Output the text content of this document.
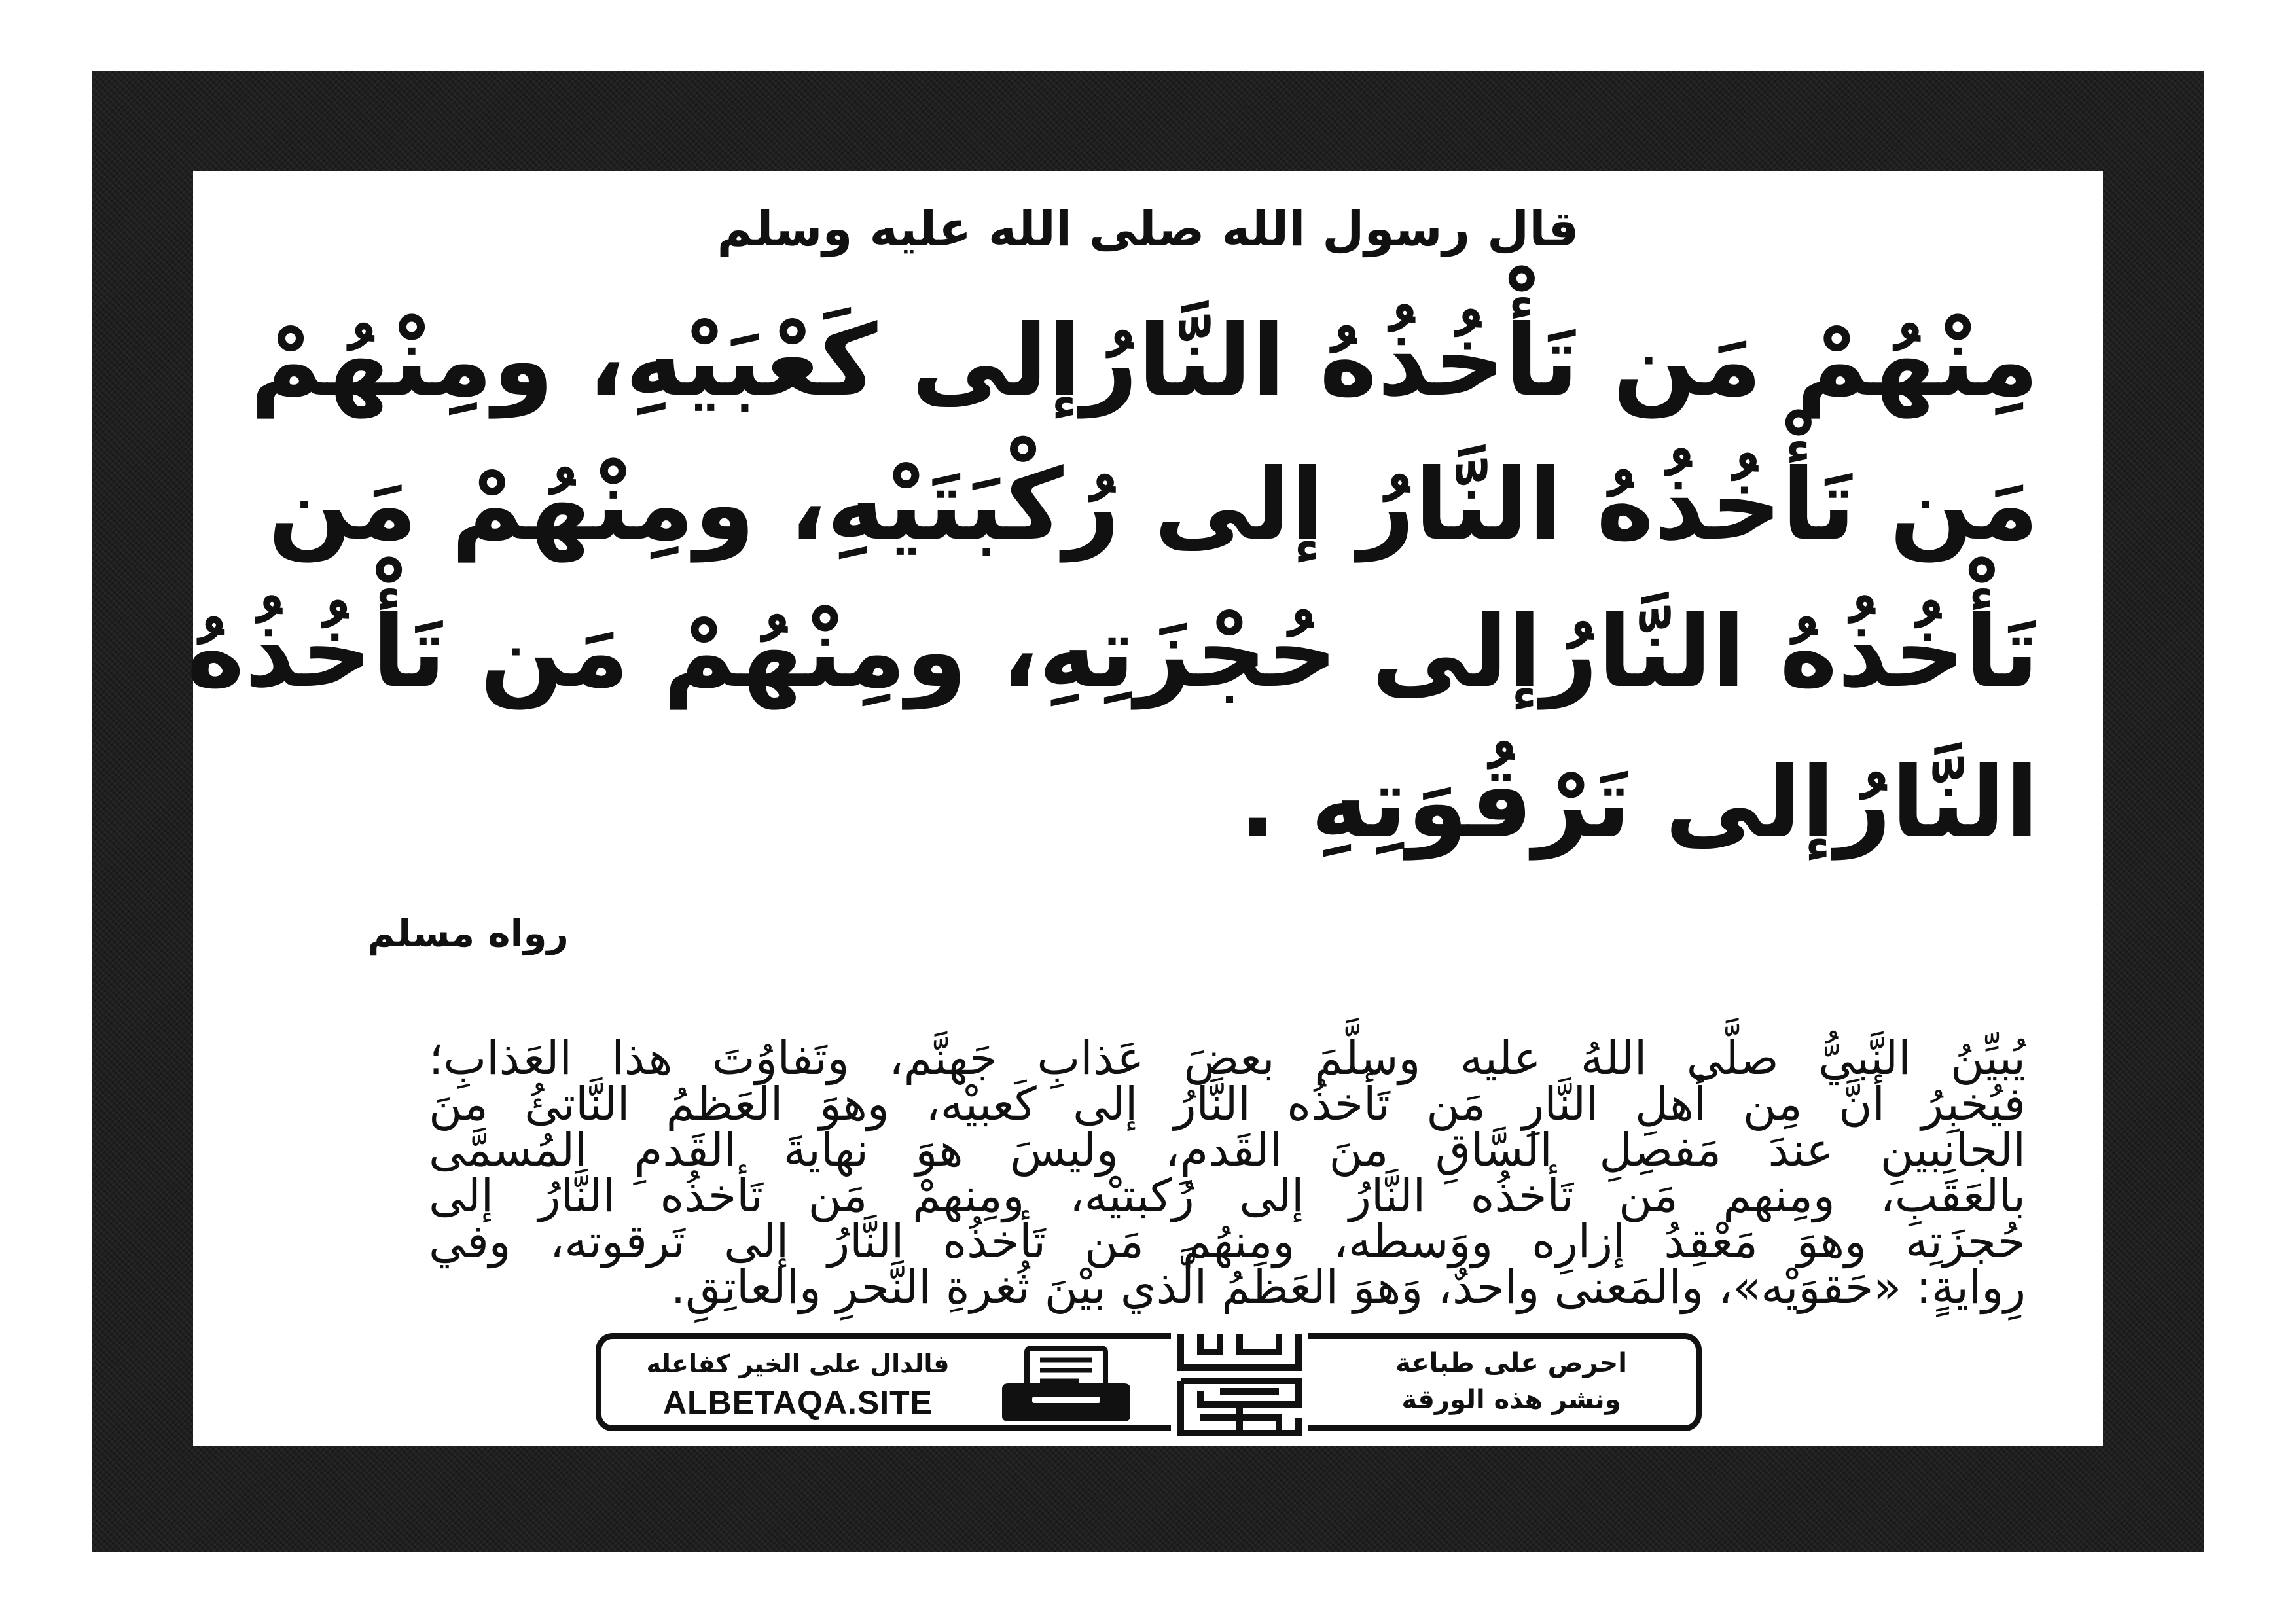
قال رسول الله صلى الله عليه وسلم
مِنْهُمْ مَن تَأْخُذُهُ النَّارُإلى كَعْبَيْهِ، ومِنْهُمْ
مَن تَأْخُذُهُ النَّارُ إلى رُكْبَتَيْهِ، ومِنْهُمْ مَن
تَأْخُذُهُ النَّارُإلى حُجْزَتِهِ، ومِنْهُمْ مَن تَأْخُذُهُ
النَّارُإلى تَرْقُوَتِهِ .
رواه مسلم
يُبيِّنُ النَّبيُّ صلَّى اللهُ عليه وسلَّمَ بعضَ عَذابِ جَهنَّم، وتَفاوُتَ هذا العَذابِ؛
فيُخبِرُ أنَّ مِن أهلِ النَّارِ مَن تَأخذُه النَّارُ إلى كَعبيْه، وهوَ العَظمُ النَّاتئُ منَ
الجانِبينِ عندَ مَفصِلِ السَّاقِ منَ القَدمِ، وليسَ هوَ نهايةَ القَدمِ المُسمَّى
بالعَقَبِ، ومِنهم مَن تَأخذُه النَّارُ إلى رُكبتيْه، ومِنهمْ مَن تَأخذُه النَّارُ إلى
حُجزَتِه وهوَ مَعْقِدُ إزارِه ووَسطه، ومِنهُم مَن تَأخذُه النَّارُ إلى تَرقوته، وفي
رِوايةٍ: «حَقوَيْه»، والمَعنى واحدٌ، وَهوَ العَظمُ الَّذي بيْنَ ثُغرةِ النَّحرِ والعاتِقِ.
فالدال على الخير كفاعله
ALBETAQA.SITE
احرص على طباعة
ونشر هذه الورقة
